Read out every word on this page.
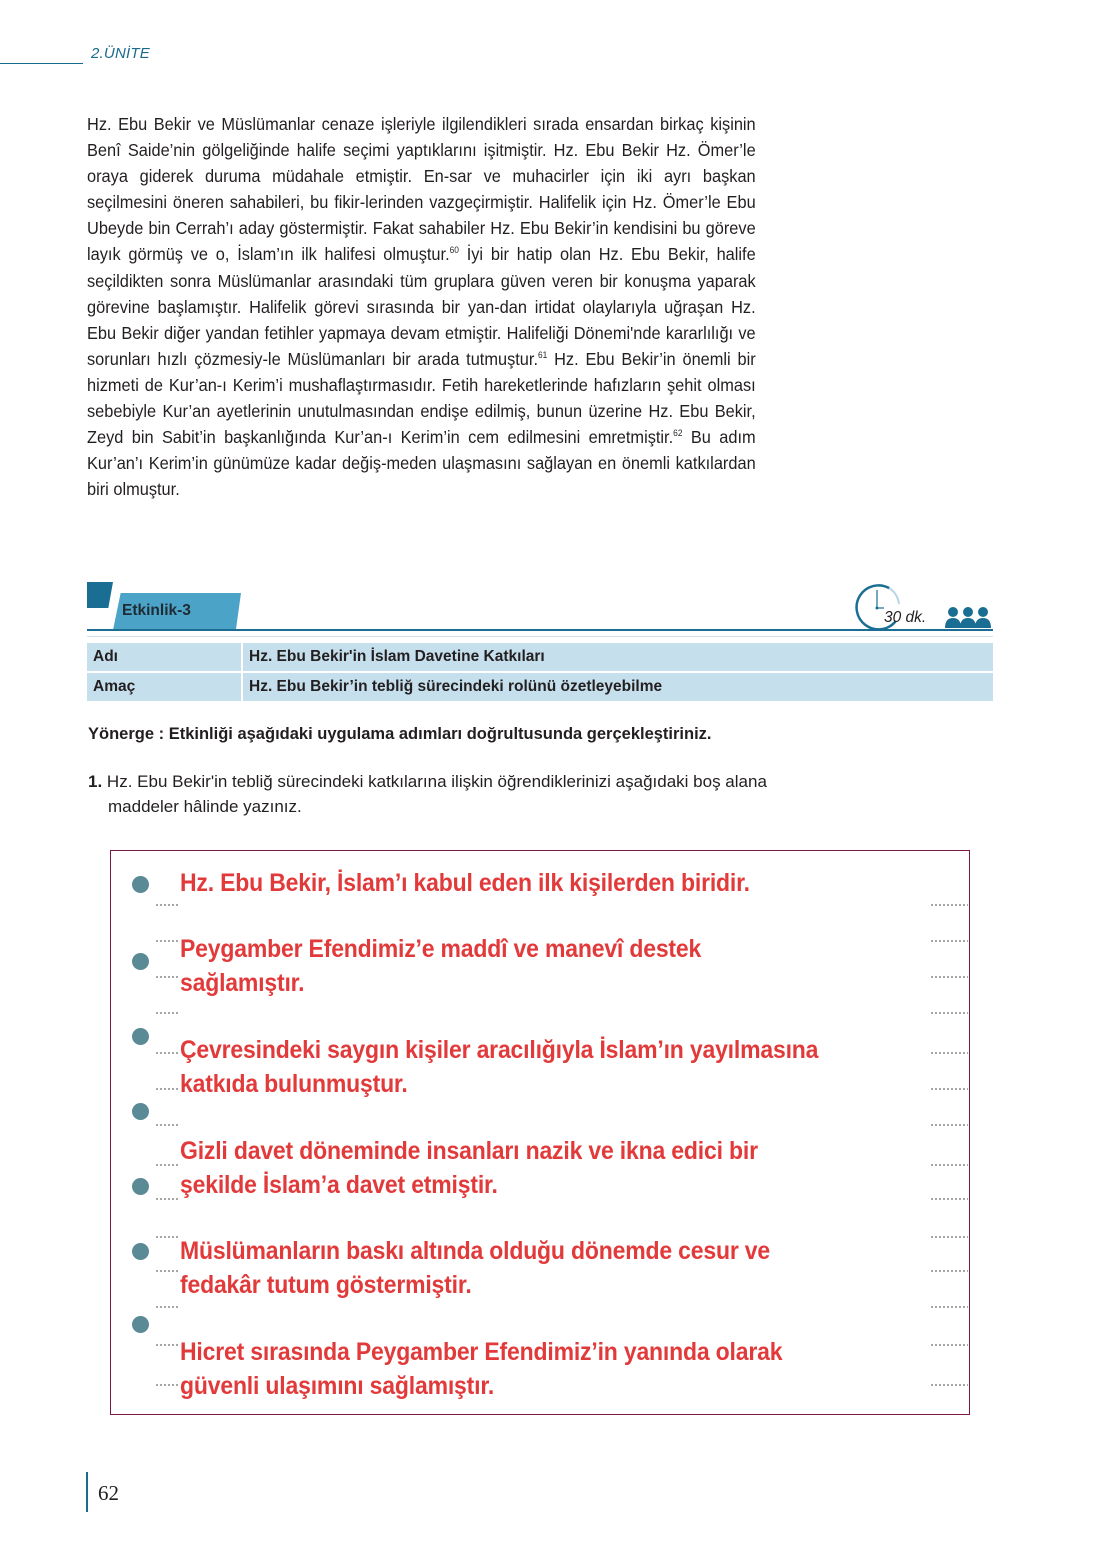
2.ÜNİTE

Hz. Ebu Bekir ve Müslümanlar cenaze işleriyle ilgilendikleri sırada ensardan birkaç kişinin Benî Saide’nin gölgeliğinde halife seçimi yaptıklarını işitmiştir. Hz. Ebu Bekir Hz. Ömer’le oraya giderek duruma müdahale etmiştir. En-sar ve muhacirler için iki ayrı başkan seçilmesini öneren sahabileri, bu fikir-lerinden vazgeçirmiştir. Halifelik için Hz. Ömer’le Ebu Ubeyde bin Cerrah’ı aday göstermiştir. Fakat sahabiler Hz. Ebu Bekir’in kendisini bu göreve layık görmüş ve o, İslam’ın ilk halifesi olmuştur.$^{60}$ İyi bir hatip olan Hz. Ebu Bekir, halife seçildikten sonra Müslümanlar arasındaki tüm gruplara güven veren bir konuşma yaparak görevine başlamıştır. Halifelik görevi sırasında bir yan-dan irtidat olaylarıyla uğraşan Hz. Ebu Bekir diğer yandan fetihler yapmaya devam etmiştir. Halifeliği Dönemi'nde kararlılığı ve sorunları hızlı çözmesiy-le Müslümanları bir arada tutmuştur.$^{61}$ Hz. Ebu Bekir’in önemli bir hizmeti de Kur’an-ı Kerim’i mushaflaştırmasıdır. Fetih hareketlerinde hafızların şehit olması sebebiyle Kur’an ayetlerinin unutulmasından endişe edilmiş, bunun üzerine Hz. Ebu Bekir, Zeyd bin Sabit’in başkanlığında Kur’an-ı Kerim’in cem edilmesini emretmiştir.$^{62}$ Bu adım Kur’an’ı Kerim’in günümüze kadar değiş-meden ulaşmasını sağlayan en önemli katkılardan biri olmuştur.

Etkinlik-3	30 dk.
Adı	Hz. Ebu Bekir'in İslam Davetine Katkıları
Amaç	Hz. Ebu Bekir’in tebliğ sürecindeki rolünü özetleyebilme
Yönerge : Etkinliği aşağıdaki uygulama adımları doğrultusunda gerçekleştiriniz.
1. Hz. Ebu Bekir'in tebliğ sürecindeki katkılarına ilişkin öğrendiklerinizi aşağıdaki boş alana
maddeler hâlinde yazınız.
Hz. Ebu Bekir, İslam’ı kabul eden ilk kişilerden biridir.
Peygamber Efendimiz’e maddî ve manevî destek
sağlamıştır.
Çevresindeki saygın kişiler aracılığıyla İslam’ın yayılmasına
katkıda bulunmuştur.
Gizli davet döneminde insanları nazik ve ikna edici bir
şekilde İslam’a davet etmiştir.
Müslümanların baskı altında olduğu dönemde cesur ve
fedakâr tutum göstermiştir.
Hicret sırasında Peygamber Efendimiz’in yanında olarak
güvenli ulaşımını sağlamıştır.
62
